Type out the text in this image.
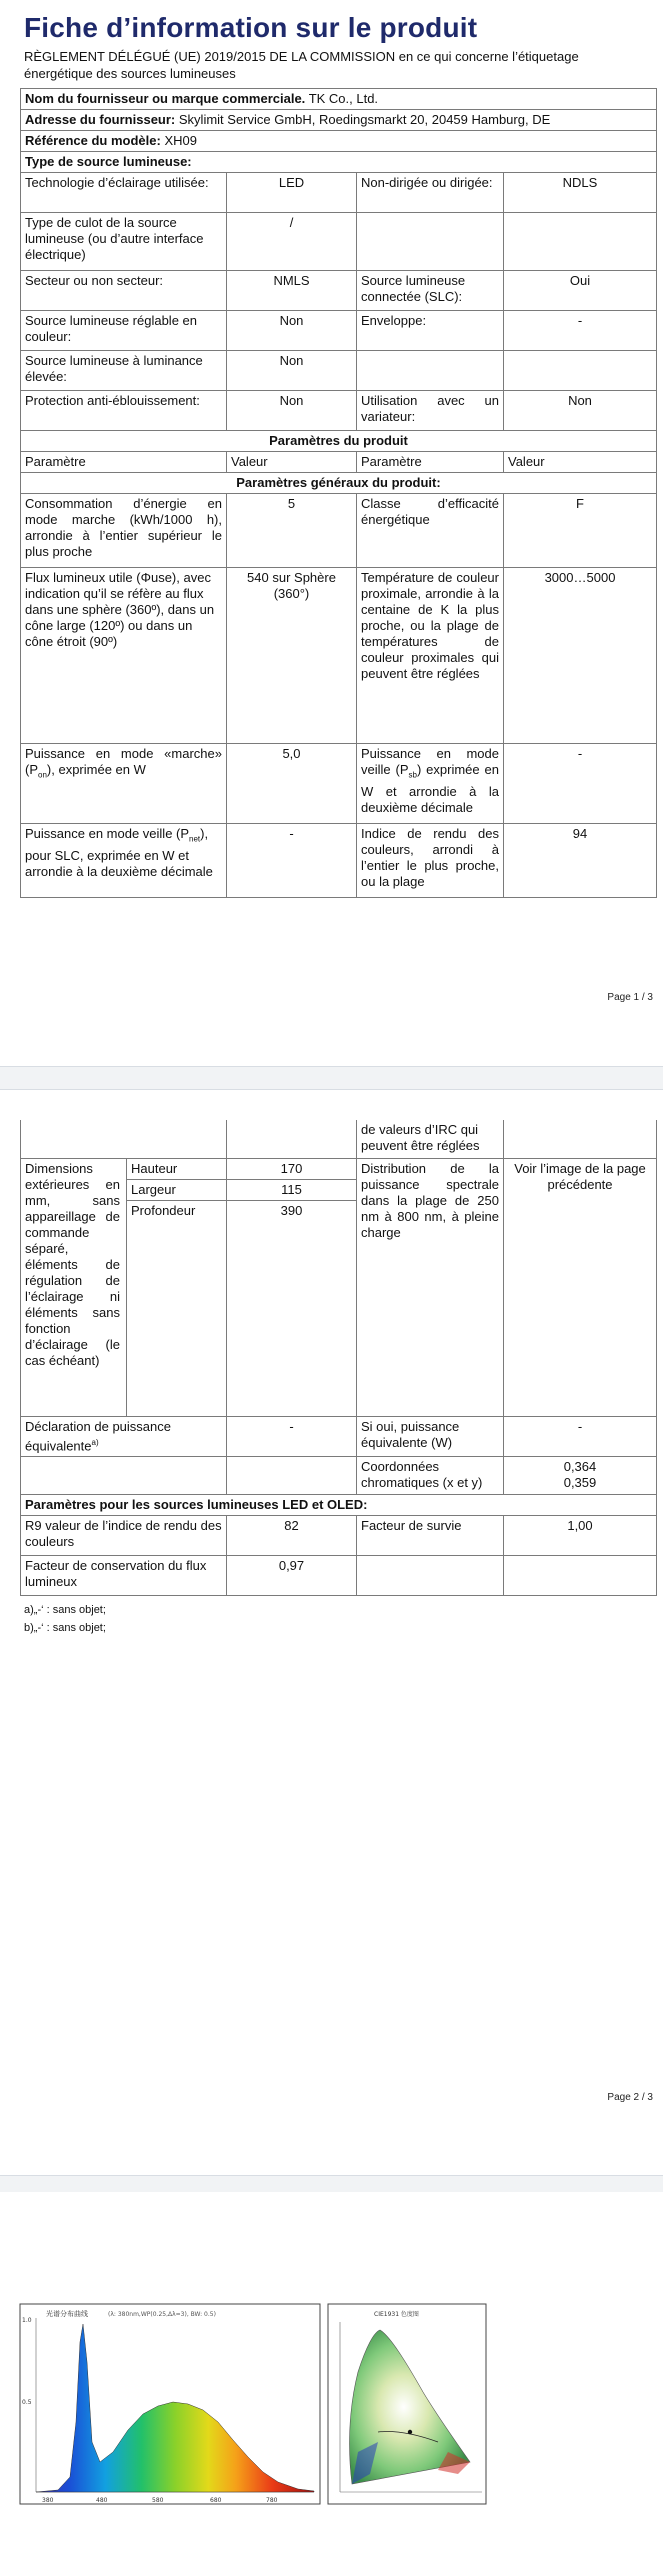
Fiche d’information sur le produit
RÈGLEMENT DÉLÉGUÉ (UE) 2019/2015 DE LA COMMISSION en ce qui concerne l’étiquetage énergétique des sources lumineuses
Nom du fournisseur ou marque commerciale. TK Co., Ltd.			
Adresse du fournisseur: Skylimit Service GmbH, Roedingsmarkt 20, 20459 Hamburg, DE			
Référence du modèle: XH09			
Type de source lumineuse:			
Technologie d’éclairage utilisée:	LED	Non-dirigée ou dirigée:	NDLS
Type de culot de la source lumineuse (ou d’autre interface électrique)	/		
Secteur ou non secteur:	NMLS	Source lumineuse connectée (SLC):	Oui
Source lumineuse réglable en couleur:	Non	Enveloppe:	-
Source lumineuse à luminance élevée:	Non		
Protection anti-éblouissement:	Non	Utilisation avec un variateur:	Non
Paramètres du produit			
Paramètre	Valeur	Paramètre	Valeur
Paramètres généraux du produit:			
Consommation d’énergie en mode marche (kWh/1000 h), arrondie à l’entier supérieur le plus proche	5	Classe d’efficacité énergétique	F
Flux lumineux utile (Φuse), avec indication qu’il se réfère au flux dans une sphère (360º), dans un cône large (120º) ou dans un cône étroit (90º)	540 sur Sphère (360°)	Température de couleur proximale, arrondie à la centaine de K la plus proche, ou la plage de températures de couleur proximales qui peuvent être réglées	3000…5000
Puissance en mode «marche» $(P_{on})$, exprimée en W	5,0	Puissance en mode veille $(P_{sb})$ exprimée en W et arrondie à la deuxième décimale	-
Puissance en mode veille $(P_{net})$, pour SLC, exprimée en W et arrondie à la deuxième décimale	-	Indice de rendu des couleurs, arrondi à l’entier le plus proche, ou la plage	94
Page 1 / 3
			de valeurs d’IRC qui peuvent être réglées	
Dimensions extérieures en mm, sans appareillage de commande séparé, éléments de régulation de l’éclairage ni éléments sans fonction d’éclairage (le cas échéant)	Hauteur	170	Distribution de la puissance spectrale dans la plage de 250 nm à 800 nm, à pleine charge	Voir l’image de la page précédente
	Largeur	115		
	Profondeur	390		
Déclaration de puissance équivalente$^{a)}$		-	Si oui, puissance équivalente (W)	-
			Coordonnées chromatiques (x et y)	0,364
0,359

Paramètres pour les sources lumineuses LED et OLED:				
R9 valeur de l’indice de rendu des couleurs		82	Facteur de survie	1,00
Facteur de conservation du flux lumineux		0,97		
a)„-‘ : sans objet;
b)„-‘ : sans objet;
Page 2 / 3
光谱分布曲线	(λ: 380nm,WP(0.25,Δλ=3), BW: 0.5)
1.0
0.5
380	480	580	680	780
CIE1931 色度图
